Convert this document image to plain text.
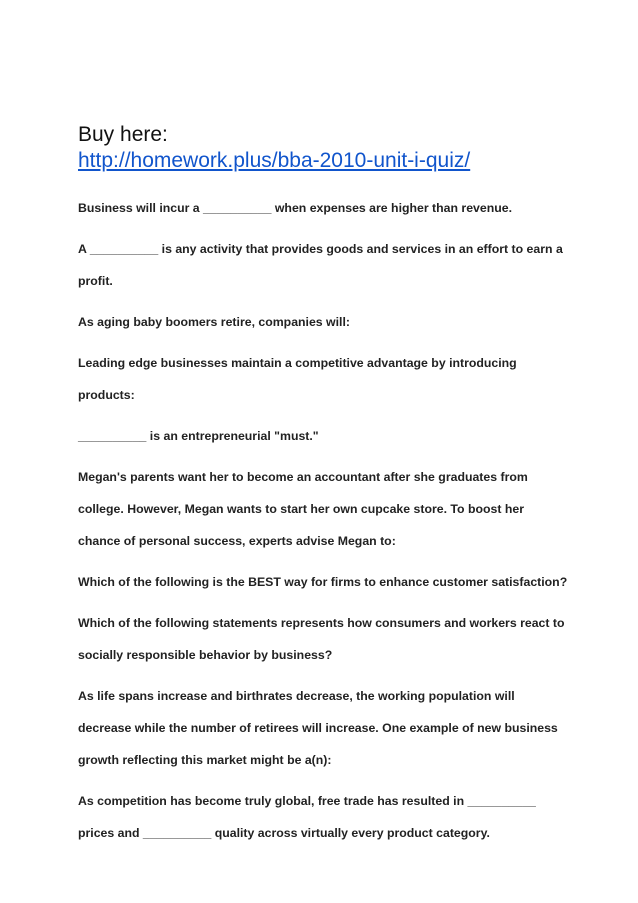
Buy here:

http://homework.plus/bba-2010-unit-i-quiz/

Business will incur a __________ when expenses are higher than revenue.

A __________ is any activity that provides goods and services in an effort to earn a profit.

As aging baby boomers retire, companies will:

Leading edge businesses maintain a competitive advantage by introducing products:

__________ is an entrepreneurial "must."

Megan's parents want her to become an accountant after she graduates from college. However, Megan wants to start her own cupcake store. To boost her chance of personal success, experts advise Megan to:

Which of the following is the BEST way for firms to enhance customer satisfaction?

Which of the following statements represents how consumers and workers react to socially responsible behavior by business?

As life spans increase and birthrates decrease, the working population will decrease while the number of retirees will increase. One example of new business growth reflecting this market might be a(n):

As competition has become truly global, free trade has resulted in __________ prices and __________ quality across virtually every product category.
